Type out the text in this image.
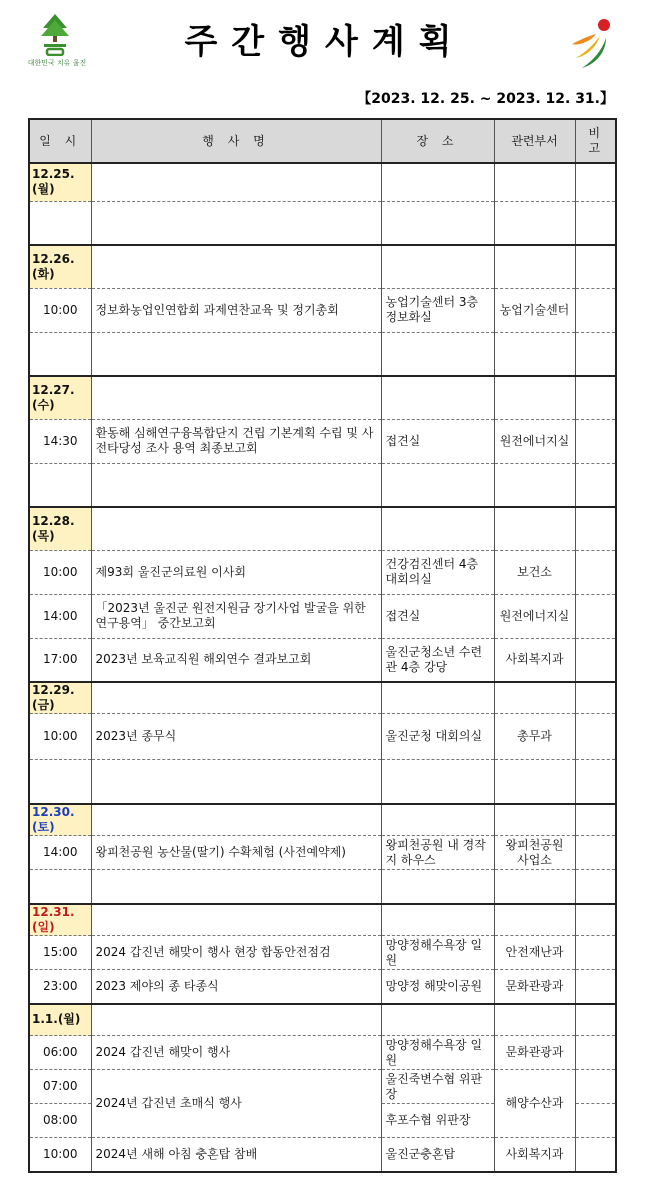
대한민국 치유 울진
주간행사계획
【2023. 12. 25. ~ 2023. 12. 31.】
일 시	행 사 명	장 소	관련부서	비 고
12.25.(월)				

12.26.(화)				
10:00	정보화농업인연합회 과제연찬교육 및 정기총회	농업기술센터 3층 정보화실	농업기술센터	

12.27.(수)				
14:30	환동해 심해연구융복합단지 건립 기본계획 수립 및 사전타당성 조사 용역 최종보고회	접견실	원전에너지실	

12.28.(목)				
10:00	제93회 울진군의료원 이사회	건강검진센터 4층 대회의실	보건소	
14:00	「2023년 울진군 원전지원금 장기사업 발굴을 위한 연구용역」 중간보고회	접견실	원전에너지실	
17:00	2023년 보육교직원 해외연수 결과보고회	울진군청소년 수련관 4층 강당	사회복지과	
12.29.(금)				
10:00	2023년 종무식	울진군청 대회의실	총무과	

12.30.(토)				
14:00	왕피천공원 농산물(딸기) 수확체험 (사전예약제)	왕피천공원 내 경작지 하우스	왕피천공원 사업소	

12.31.(일)				
15:00	2024 갑진년 해맞이 행사 현장 합동안전점검	망양정해수욕장 일원	안전재난과	
23:00	2023 제야의 종 타종식	망양정 해맞이공원	문화관광과	
1.1.(월)				
06:00	2024 갑진년 해맞이 행사	망양정해수욕장 일원	문화관광과	
07:00	2024년 갑진년 초매식 행사	울진죽변수협 위판장	해양수산과	
08:00		후포수협 위판장		
10:00	2024년 새해 아침 충혼탑 참배	울진군충혼탑	사회복지과	
